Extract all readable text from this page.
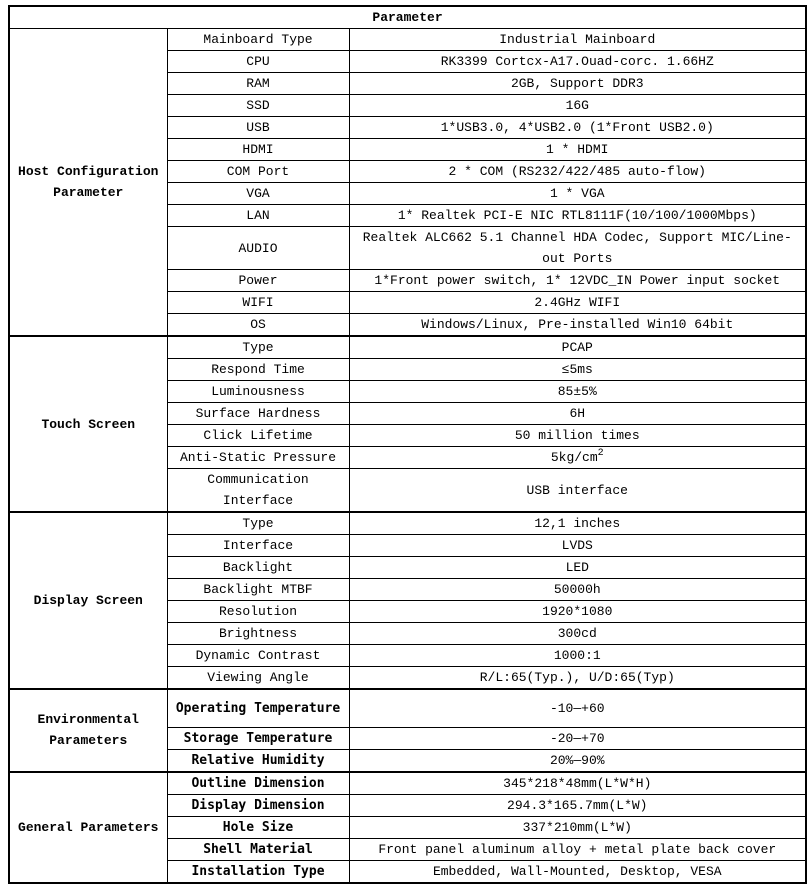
Parameter		
Host Configuration Parameter	Mainboard Type	Industrial Mainboard
	CPU	RK3399 Cortcx-A17.Ouad-corc. 1.66HZ
	RAM	2GB, Support DDR3
	SSD	16G
	USB	1*USB3.0, 4*USB2.0 (1*Front USB2.0)
	HDMI	1 * HDMI
	COM Port	2 * COM (RS232/422/485 auto-flow)
	VGA	1 * VGA
	LAN	1* Realtek PCI-E NIC RTL8111F(10/100/1000Mbps)
	AUDIO	Realtek ALC662 5.1 Channel HDA Codec, Support MIC/Line-out Ports
	Power	1*Front power switch, 1* 12VDC_IN Power input socket
	WIFI	2.4GHz WIFI
	OS	Windows/Linux, Pre-installed Win10 64bit
Touch Screen	Type	PCAP
	Respond Time	≤5ms
	Luminousness	85±5%
	Surface Hardness	6H
	Click Lifetime	50 million times
	Anti-Static Pressure	$5kg/cm^2$
	Communication Interface	USB interface
Display Screen	Type	12,1 inches
	Interface	LVDS
	Backlight	LED
	Backlight MTBF	50000h
	Resolution	1920*1080
	Brightness	300cd
	Dynamic Contrast	1000:1
	Viewing Angle	R/L:65(Typ.), U/D:65(Typ)
Environmental Parameters	Operating Temperature	-10—+60
	Storage Temperature	-20—+70
	Relative Humidity	20%—90%
General Parameters	Outline Dimension	345*218*48mm(L*W*H)
	Display Dimension	294.3*165.7mm(L*W)
	Hole Size	337*210mm(L*W)
	Shell Material	Front panel aluminum alloy + metal plate back cover
	Installation Type	Embedded, Wall-Mounted, Desktop, VESA
